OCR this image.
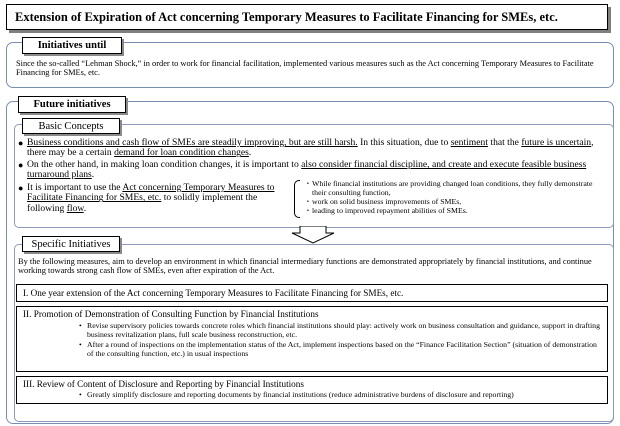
Extension of Expiration of Act concerning Temporary Measures to Facilitate Financing for SMEs, etc.
Initiatives until
Since the so-called “Lehman Shock,” in order to work for financial facilitation, implemented various measures such as the Act concerning Temporary Measures to Facilitate Financing for SMEs, etc.
Future initiatives
Basic Concepts
● Business conditions and cash flow of SMEs are steadily improving, but are still harsh. In this situation, due to sentiment that the future is uncertain, there may be a certain demand for loan condition changes.
● On the other hand, in making loan condition changes, it is important to also consider financial discipline, and create and execute feasible business turnaround plans.
● It is important to use the Act concerning Temporary Measures to Facilitate Financing for SMEs, etc. to solidly implement the following flow.
・ While financial institutions are providing changed loan conditions, they fully demonstrate their consulting function,
・ work on solid business improvements of SMEs,
・ leading to improved repayment abilities of SMEs.
Specific Initiatives
By the following measures, aim to develop an environment in which financial intermediary functions are demonstrated appropriately by financial institutions, and continue working towards strong cash flow of SMEs, even after expiration of the Act.
I. One year extension of the Act concerning Temporary Measures to Facilitate Financing for SMEs, etc.
II. Promotion of Demonstration of Consulting Function by Financial Institutions
• Revise supervisory policies towards concrete roles which financial institutions should play: actively work on business consultation and guidance, support in drafting business revitalization plans, full scale business reconstruction, etc.
• After a round of inspections on the implementation status of the Act, implement inspections based on the “Finance Facilitation Section” (situation of demonstration of the consulting function, etc.) in usual inspections
III. Review of Content of Disclosure and Reporting by Financial Institutions
• Greatly simplify disclosure and reporting documents by financial institutions (reduce administrative burdens of disclosure and reporting)
